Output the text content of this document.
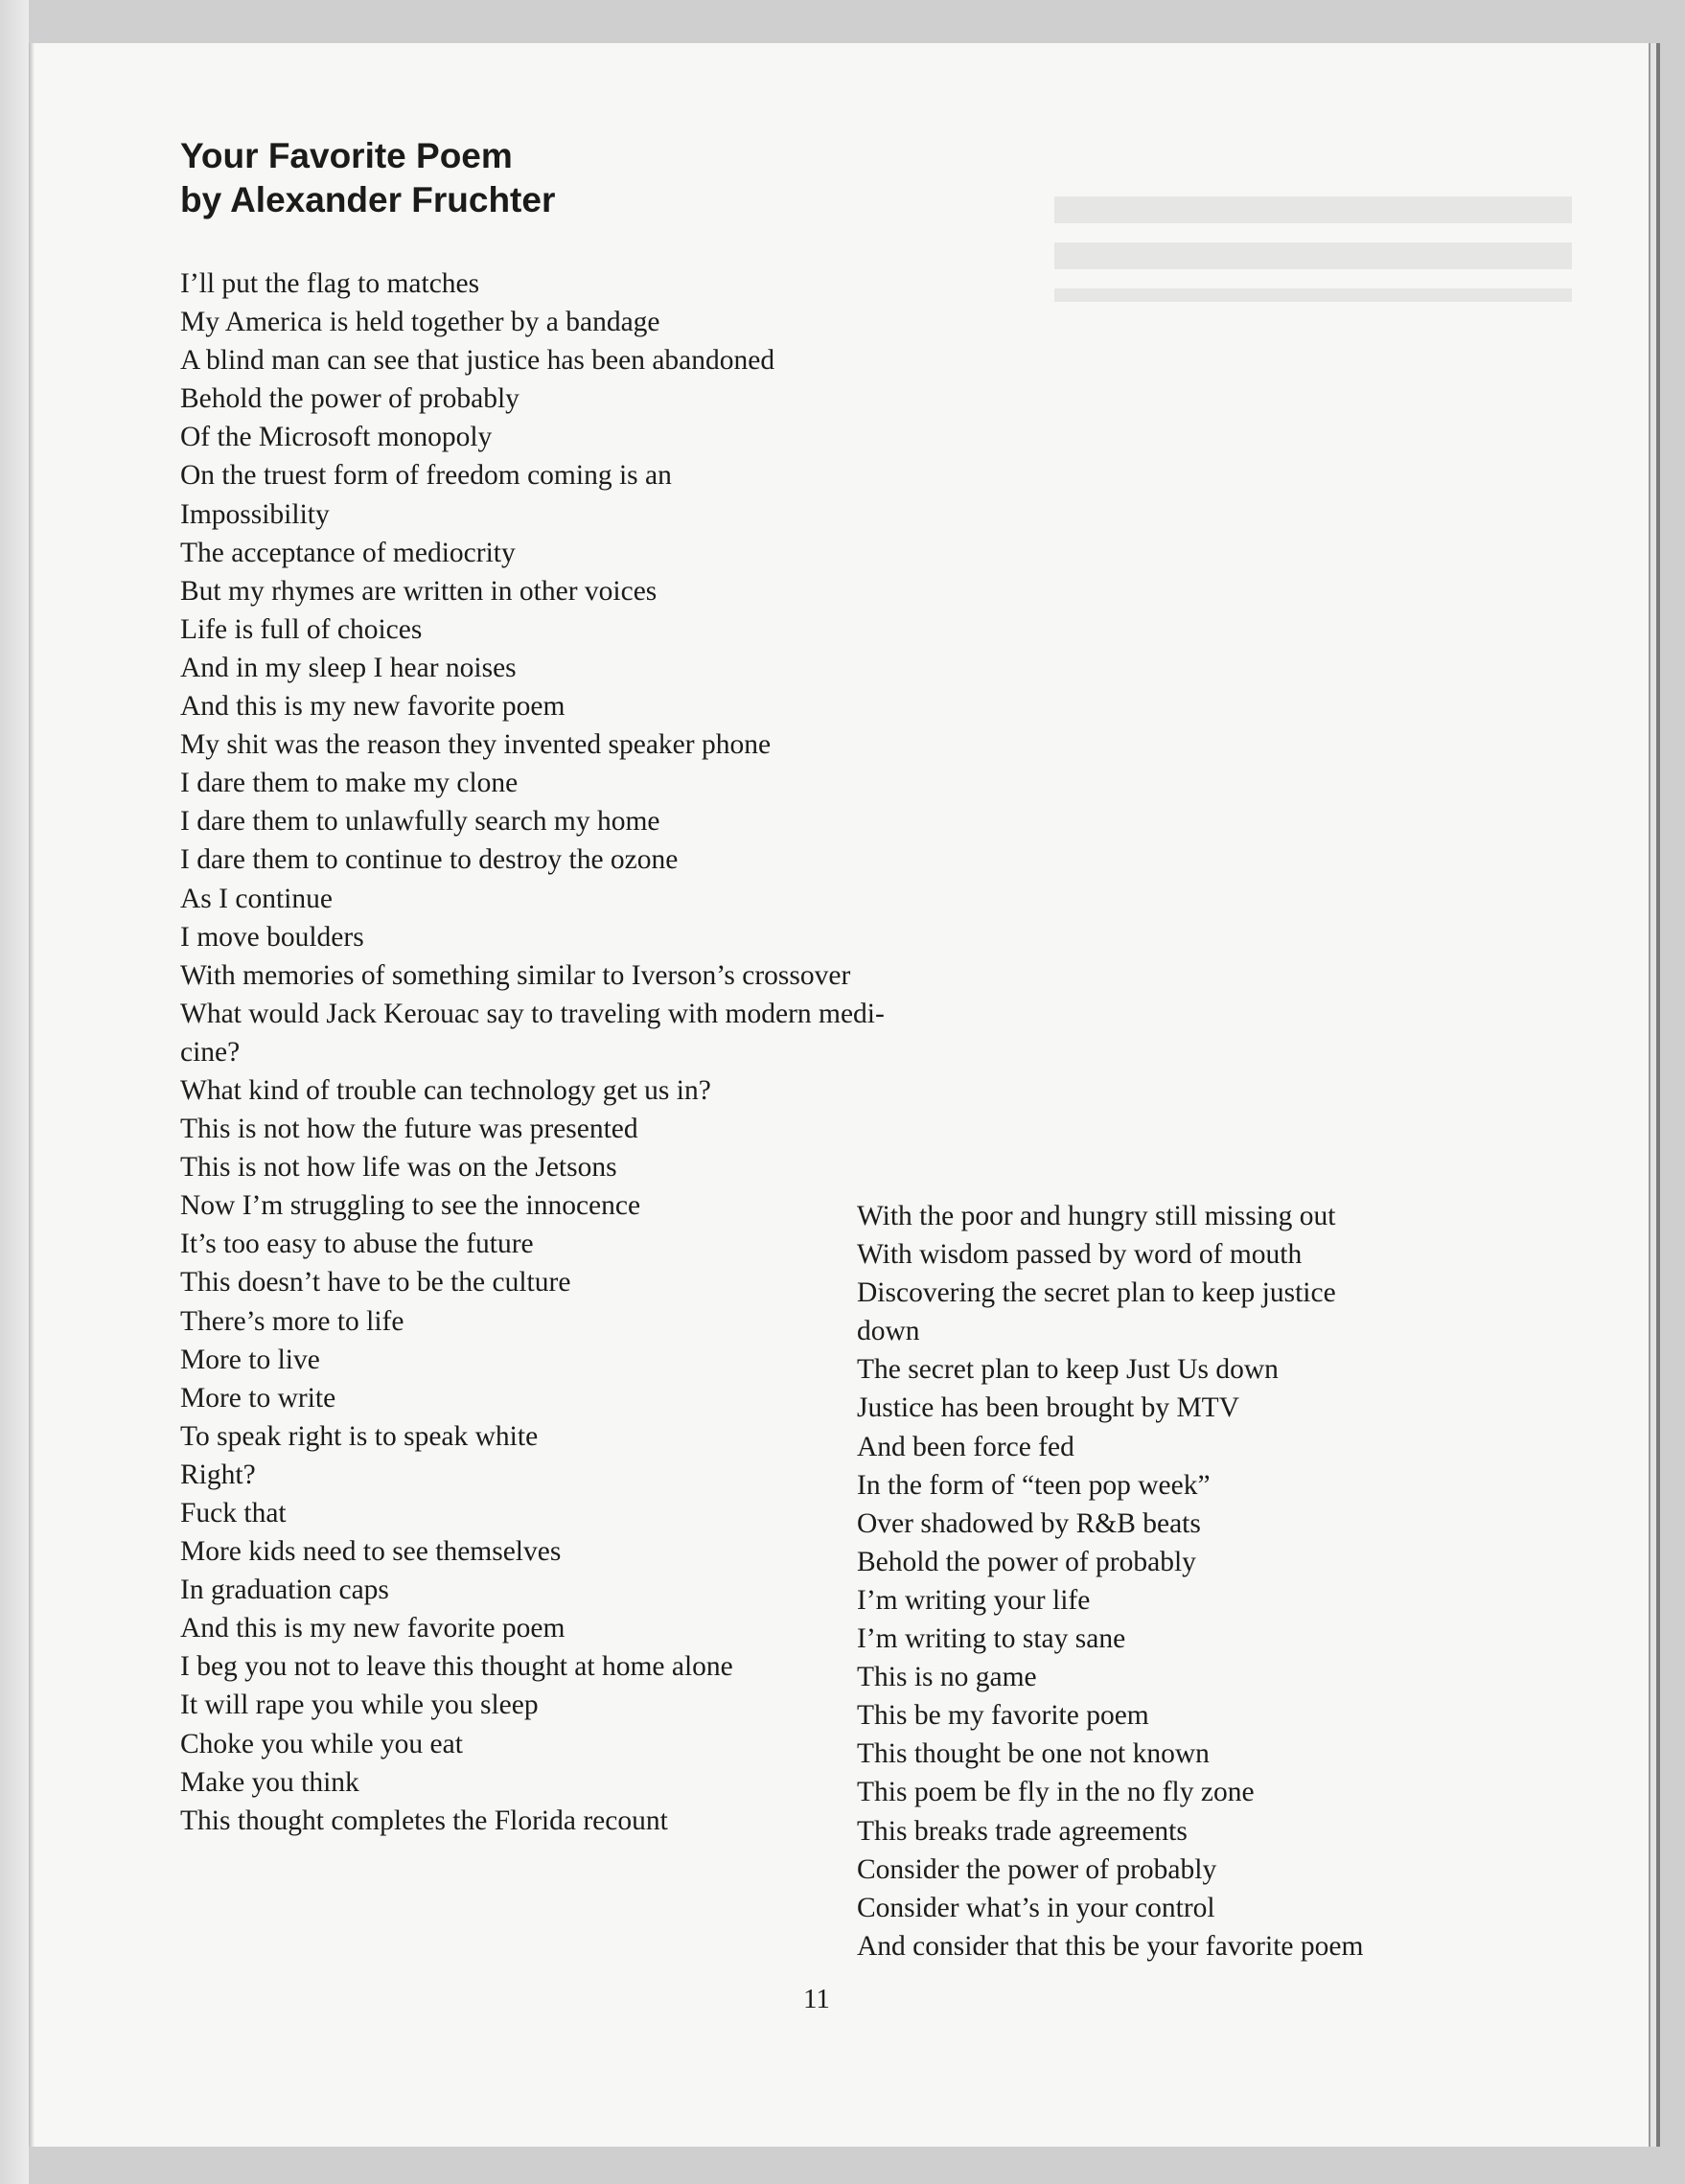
Your Favorite Poem
by Alexander Fruchter
I’ll put the flag to matches
My America is held together by a bandage
A blind man can see that justice has been abandoned
Behold the power of probably
Of the Microsoft monopoly
On the truest form of freedom coming is an
Impossibility
The acceptance of mediocrity
But my rhymes are written in other voices
Life is full of choices
And in my sleep I hear noises
And this is my new favorite poem
My shit was the reason they invented speaker phone
I dare them to make my clone
I dare them to unlawfully search my home
I dare them to continue to destroy the ozone
As I continue
I move boulders
With memories of something similar to Iverson’s crossover
What would Jack Kerouac say to traveling with modern medi-
cine?
What kind of trouble can technology get us in?
This is not how the future was presented
This is not how life was on the Jetsons
Now I’m struggling to see the innocence
It’s too easy to abuse the future
This doesn’t have to be the culture
There’s more to life
More to live
More to write
To speak right is to speak white
Right?
Fuck that
More kids need to see themselves
In graduation caps
And this is my new favorite poem
I beg you not to leave this thought at home alone
It will rape you while you sleep
Choke you while you eat
Make you think
This thought completes the Florida recount
With the poor and hungry still missing out
With wisdom passed by word of mouth
Discovering the secret plan to keep justice
down
The secret plan to keep Just Us down
Justice has been brought by MTV
And been force fed
In the form of “teen pop week”
Over shadowed by R&B beats
Behold the power of probably
I’m writing your life
I’m writing to stay sane
This is no game
This be my favorite poem
This thought be one not known
This poem be fly in the no fly zone
This breaks trade agreements
Consider the power of probably
Consider what’s in your control
And consider that this be your favorite poem
11
